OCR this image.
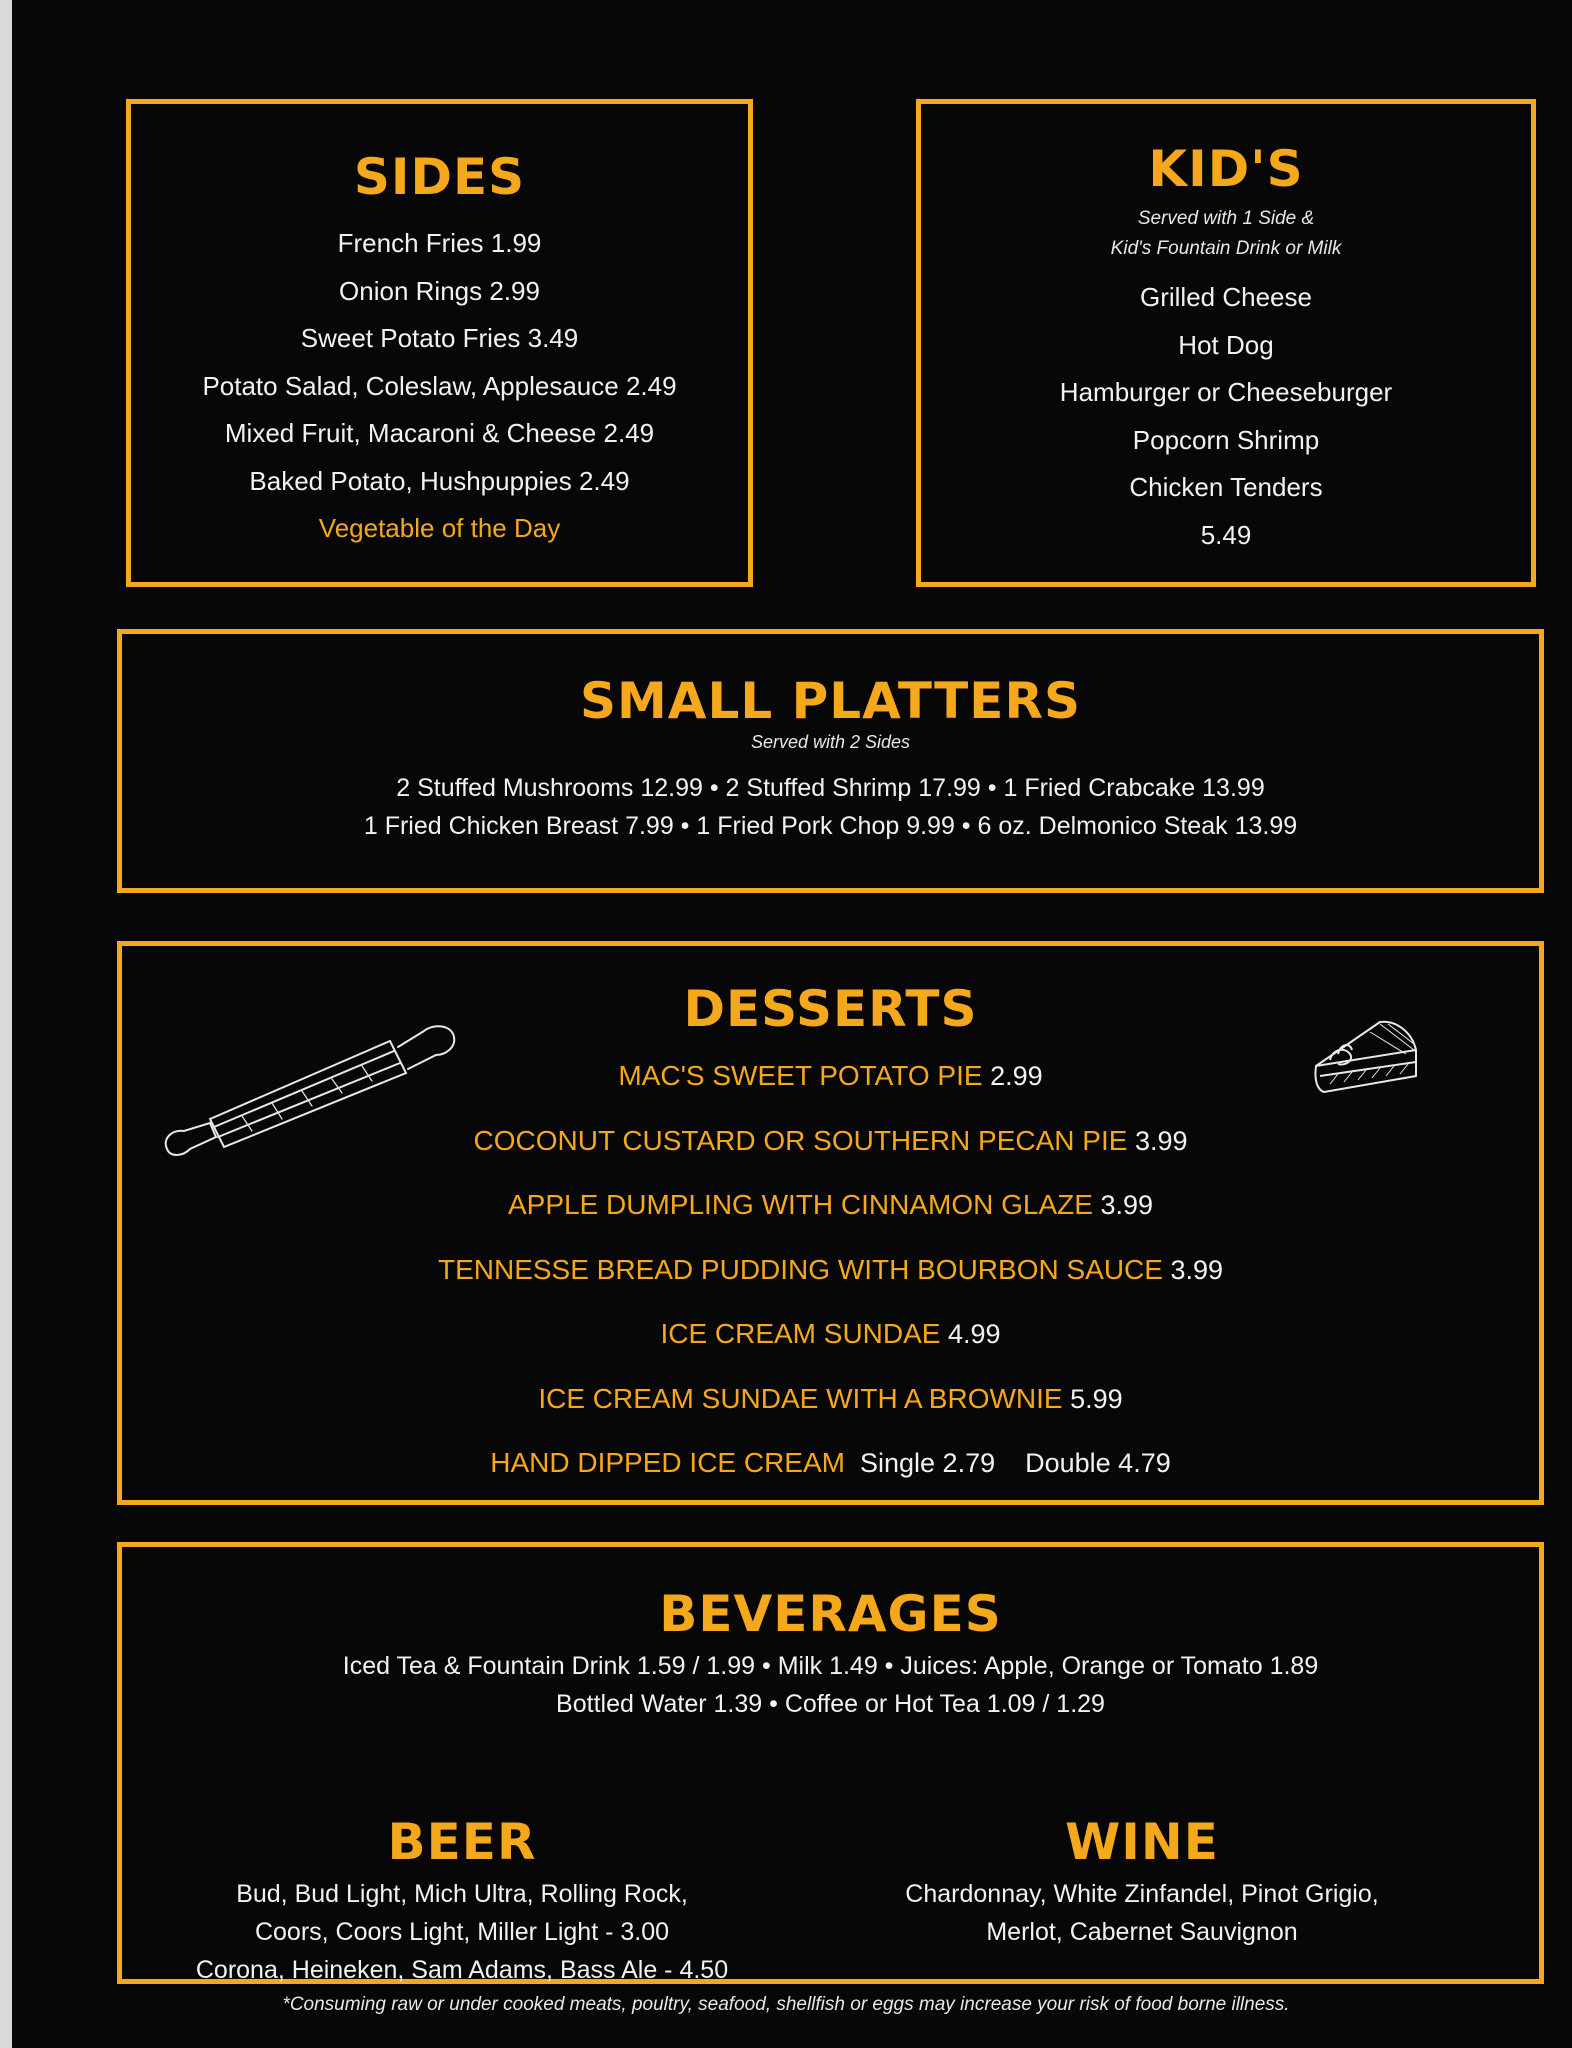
SIDES
French Fries 1.99
Onion Rings 2.99
Sweet Potato Fries 3.49
Potato Salad, Coleslaw, Applesauce 2.49
Mixed Fruit, Macaroni & Cheese 2.49
Baked Potato, Hushpuppies 2.49
Vegetable of the Day
KID'S
Served with 1 Side &
Kid's Fountain Drink or Milk
Grilled Cheese
Hot Dog
Hamburger or Cheeseburger
Popcorn Shrimp
Chicken Tenders
5.49
SMALL PLATTERS
Served with 2 Sides
2 Stuffed Mushrooms 12.99 • 2 Stuffed Shrimp 17.99 • 1 Fried Crabcake 13.99
1 Fried Chicken Breast 7.99 • 1 Fried Pork Chop 9.99 • 6 oz. Delmonico Steak 13.99
DESSERTS
MAC'S SWEET POTATO PIE 2.99
COCONUT CUSTARD OR SOUTHERN PECAN PIE 3.99
APPLE DUMPLING WITH CINNAMON GLAZE 3.99
TENNESSE BREAD PUDDING WITH BOURBON SAUCE 3.99
ICE CREAM SUNDAE 4.99
ICE CREAM SUNDAE WITH A BROWNIE 5.99
HAND DIPPED ICE CREAM Single 2.79    Double 4.79
BEVERAGES
Iced Tea & Fountain Drink 1.59 / 1.99 • Milk 1.49 • Juices: Apple, Orange or Tomato 1.89
Bottled Water 1.39 • Coffee or Hot Tea 1.09 / 1.29
BEER
Bud, Bud Light, Mich Ultra, Rolling Rock,
Coors, Coors Light, Miller Light - 3.00
Corona, Heineken, Sam Adams, Bass Ale - 4.50
WINE
Chardonnay, White Zinfandel, Pinot Grigio,
Merlot, Cabernet Sauvignon
*Consuming raw or under cooked meats, poultry, seafood, shellfish or eggs may increase your risk of food borne illness.
